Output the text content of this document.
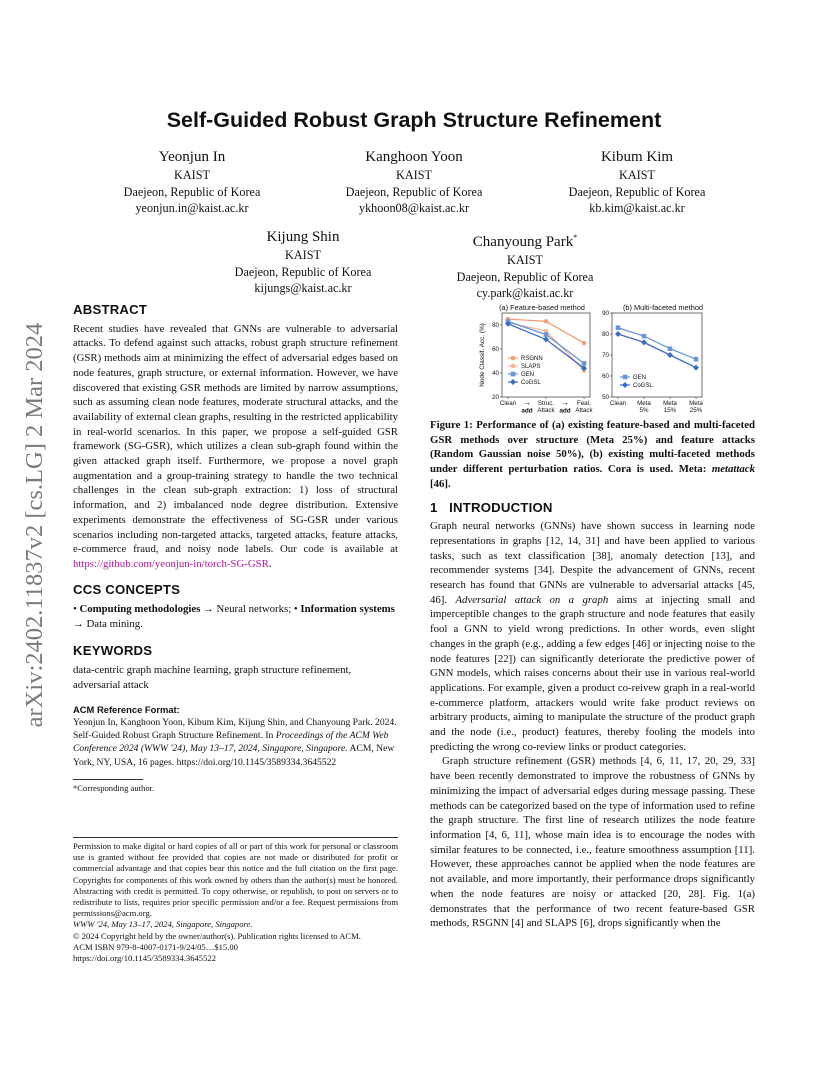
arXiv:2402.11837v2 [cs.LG] 2 Mar 2024
Self-Guided Robust Graph Structure Refinement
Yeonjun In
KAIST
Daejeon, Republic of Korea
yeonjun.in@kaist.ac.kr
Kanghoon Yoon
KAIST
Daejeon, Republic of Korea
ykhoon08@kaist.ac.kr
Kibum Kim
KAIST
Daejeon, Republic of Korea
kb.kim@kaist.ac.kr
Kijung Shin
KAIST
Daejeon, Republic of Korea
kijungs@kaist.ac.kr
Chanyoung Park*
KAIST
Daejeon, Republic of Korea
cy.park@kaist.ac.kr
ABSTRACT

Recent studies have revealed that GNNs are vulnerable to adversarial attacks. To defend against such attacks, robust graph structure refinement (GSR) methods aim at minimizing the effect of adversarial edges based on node features, graph structure, or external information. However, we have discovered that existing GSR methods are limited by narrow assumptions, such as assuming clean node features, moderate structural attacks, and the availability of external clean graphs, resulting in the restricted applicability in real-world scenarios. In this paper, we propose a self-guided GSR framework (SG-GSR), which utilizes a clean sub-graph found within the given attacked graph itself. Furthermore, we propose a novel graph augmentation and a group-training strategy to handle the two technical challenges in the clean sub-graph extraction: 1) loss of structural information, and 2) imbalanced node degree distribution. Extensive experiments demonstrate the effectiveness of SG-GSR under various scenarios including non-targeted attacks, targeted attacks, feature attacks, e-commerce fraud, and noisy node labels. Our code is available at https://github.com/yeonjun-in/torch-SG-GSR.

CCS CONCEPTS

• Computing methodologies → Neural networks; • Information systems → Data mining.

KEYWORDS

data-centric graph machine learning, graph structure refinement, adversarial attack

ACM Reference Format:

Yeonjun In, Kanghoon Yoon, Kibum Kim, Kijung Shin, and Chanyoung Park. 2024. Self-Guided Robust Graph Structure Refinement. In Proceedings of the ACM Web Conference 2024 (WWW '24), May 13–17, 2024, Singapore, Singapore. ACM, New York, NY, USA, 16 pages. https://doi.org/10.1145/3589334.3645522

*Corresponding author.

Permission to make digital or hard copies of all or part of this work for personal or classroom use is granted without fee provided that copies are not made or distributed for profit or commercial advantage and that copies bear this notice and the full citation on the first page. Copyrights for components of this work owned by others than the author(s) must be honored. Abstracting with credit is permitted. To copy otherwise, or republish, to post on servers or to redistribute to lists, requires prior specific permission and/or a fee. Request permissions from permissions@acm.org.

WWW '24, May 13–17, 2024, Singapore, Singapore.

© 2024 Copyright held by the owner/author(s). Publication rights licensed to ACM.

ACM ISBN 979-8-4007-0171-9/24/05…$15.00

https://doi.org/10.1145/3589334.3645522

(a) Feature-based method
20
40
60
80
Node Classif. Acc. (%)
Clean	Struc.
Attack
Feat.
Attack
→
add
→
add
RSGNN
SLAPS
GEN
CoGSL
(b) Multi-faceted method
50
60
70
80
90
Clean Meta
5%
Meta
15%
Meta
25%
GEN
CoGSL

Figure 1: Performance of (a) existing feature-based and multi-faceted GSR methods over structure (Meta 25%) and feature attacks (Random Gaussian noise 50%), (b) existing multi-faceted methods under different perturbation ratios. Cora is used. Meta: metattack [46].

1 INTRODUCTION

Graph neural networks (GNNs) have shown success in learning node representations in graphs [12, 14, 31] and have been applied to various tasks, such as text classification [38], anomaly detection [13], and recommender systems [34]. Despite the advancement of GNNs, recent research has found that GNNs are vulnerable to adversarial attacks [45, 46]. Adversarial attack on a graph aims at injecting small and imperceptible changes to the graph structure and node features that easily fool a GNN to yield wrong predictions. In other words, even slight changes in the graph (e.g., adding a few edges [46] or injecting noise to the node features [22]) can significantly deteriorate the predictive power of GNN models, which raises concerns about their use in various real-world applications. For example, given a product co-reivew graph in a real-world e-commerce platform, attackers would write fake product reviews on arbitrary products, aiming to manipulate the structure of the product graph and the node (i.e., product) features, thereby fooling the models into predicting the wrong co-review links or product categories.

Graph structure refinement (GSR) methods [4, 6, 11, 17, 20, 29, 33] have been recently demonstrated to improve the robustness of GNNs by minimizing the impact of adversarial edges during message passing. These methods can be categorized based on the type of information used to refine the graph structure. The first line of research utilizes the node feature information [4, 6, 11], whose main idea is to encourage the nodes with similar features to be connected, i.e., feature smoothness assumption [11]. However, these approaches cannot be applied when the node features are not available, and more importantly, their performance drops significantly when the node features are noisy or attacked [20, 28]. Fig. 1(a) demonstrates that the performance of two recent feature-based GSR methods, RSGNN [4] and SLAPS [6], drops significantly when the
